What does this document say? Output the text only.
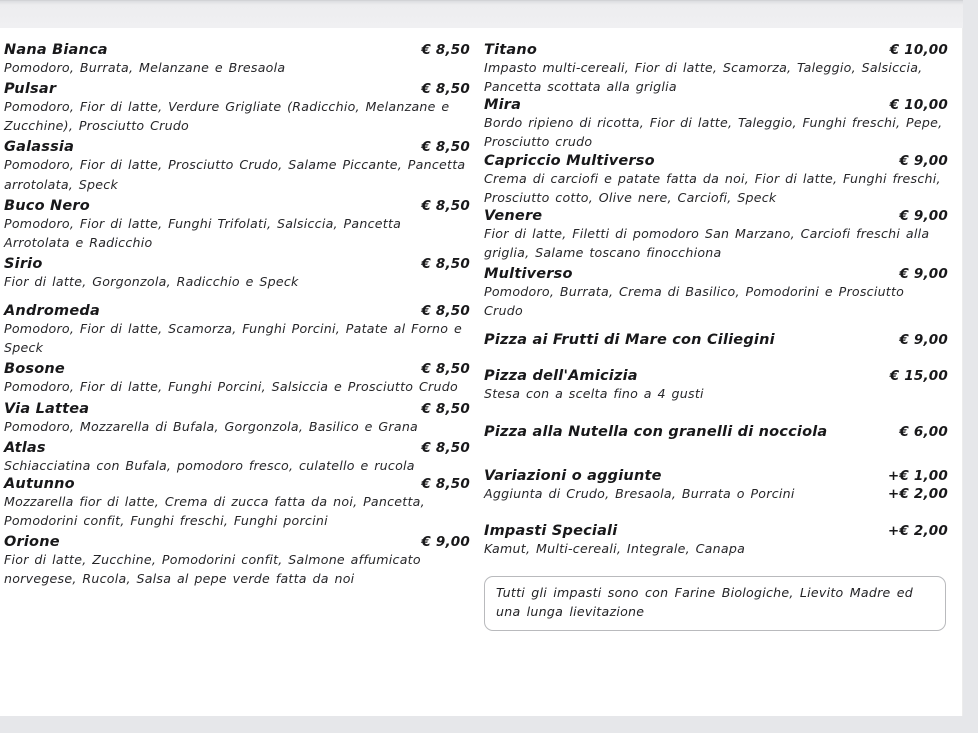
Nana Bianca	€ 8,50

Pomodoro, Burrata, Melanzane e Bresaola

Pulsar	€ 8,50

Pomodoro, Fior di latte, Verdure Grigliate (Radicchio, Melanzane e Zucchine), Prosciutto Crudo

Galassia	€ 8,50

Pomodoro, Fior di latte, Prosciutto Crudo, Salame Piccante, Pancetta arrotolata, Speck

Buco Nero	€ 8,50

Pomodoro, Fior di latte, Funghi Trifolati, Salsiccia, Pancetta Arrotolata e Radicchio

Sirio	€ 8,50

Fior di latte, Gorgonzola, Radicchio e Speck

Andromeda	€ 8,50

Pomodoro, Fior di latte, Scamorza, Funghi Porcini, Patate al Forno e Speck

Bosone	€ 8,50

Pomodoro, Fior di latte, Funghi Porcini, Salsiccia e Prosciutto Crudo

Via Lattea	€ 8,50

Pomodoro, Mozzarella di Bufala, Gorgonzola, Basilico e Grana

Atlas	€ 8,50

Schiacciatina con Bufala, pomodoro fresco, culatello e rucola

Autunno	€ 8,50

Mozzarella fior di latte, Crema di zucca fatta da noi, Pancetta, Pomodorini confit, Funghi freschi, Funghi porcini

Orione	€ 9,00

Fior di latte, Zucchine, Pomodorini confit, Salmone affumicato norvegese, Rucola, Salsa al pepe verde fatta da noi

Titano	€ 10,00

Impasto multi-cereali, Fior di latte, Scamorza, Taleggio, Salsiccia, Pancetta scottata alla griglia

Mira	€ 10,00

Bordo ripieno di ricotta, Fior di latte, Taleggio, Funghi freschi, Pepe, Prosciutto crudo

Capriccio Multiverso	€ 9,00

Crema di carciofi e patate fatta da noi, Fior di latte, Funghi freschi, Prosciutto cotto, Olive nere, Carciofi, Speck

Venere	€ 9,00

Fior di latte, Filetti di pomodoro San Marzano, Carciofi freschi alla griglia, Salame toscano finocchiona

Multiverso	€ 9,00

Pomodoro, Burrata, Crema di Basilico, Pomodorini e Prosciutto Crudo

Pizza ai Frutti di Mare con Ciliegini	€ 9,00
Pizza dell'Amicizia	€ 15,00

Stesa con a scelta fino a 4 gusti

Pizza alla Nutella con granelli di nocciola	€ 6,00
Variazioni o aggiunte	+€ 1,00

Aggiunta di Crudo, Bresaola, Burrata o Porcini	+€ 2,00
Impasti Speciali	+€ 2,00

Kamut, Multi-cereali, Integrale, Canapa

Tutti gli impasti sono con Farine Biologiche, Lievito Madre ed una lunga lievitazione
